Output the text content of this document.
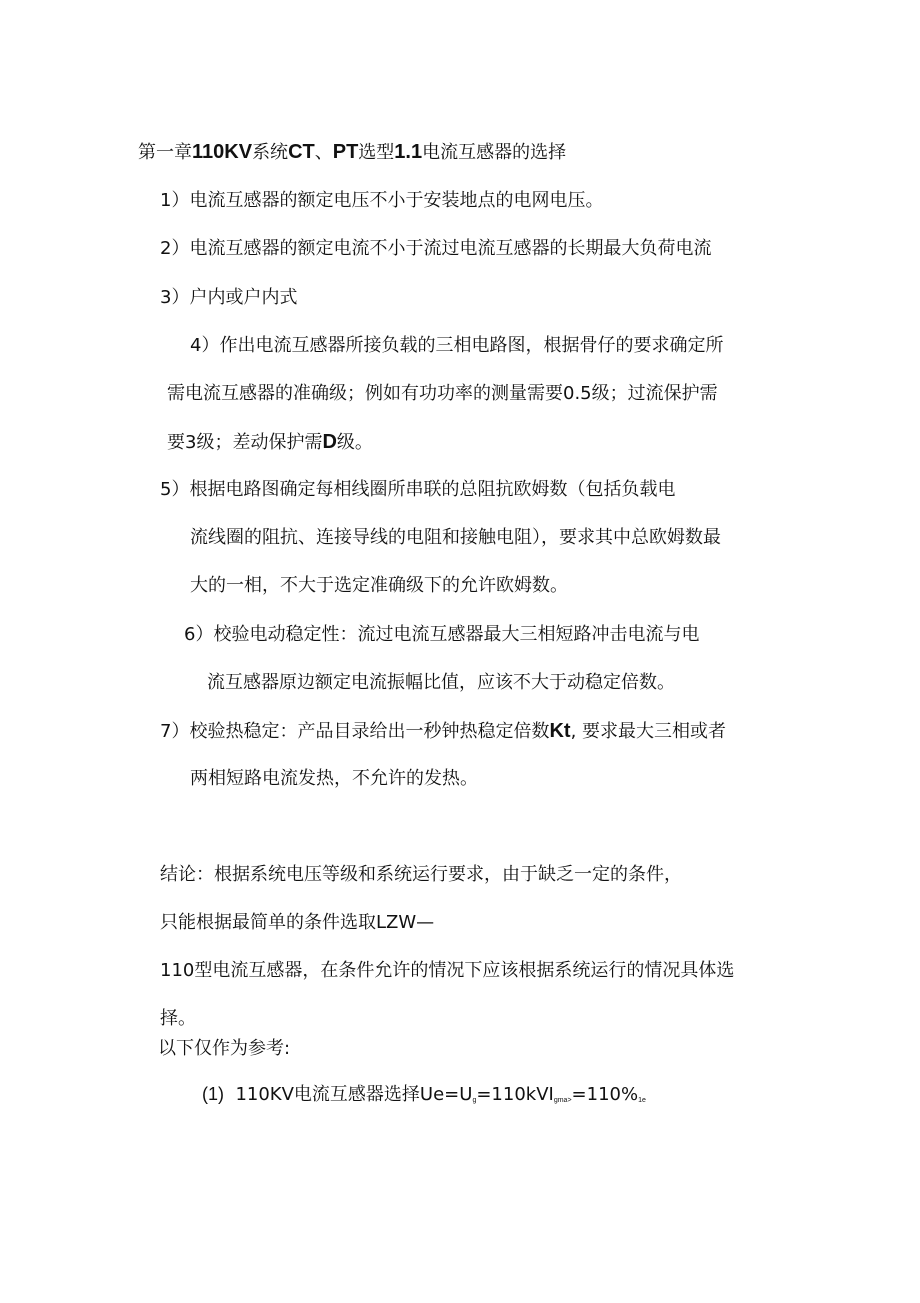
第一章110KV系统CT、PT选型1.1电流互感器的选择
1）电流互感器的额定电压不小于安装地点的电网电压。
2）电流互感器的额定电流不小于流过电流互感器的长期最大负荷电流
3）户内或户内式
4）作出电流互感器所接负载的三相电路图，根据骨仔的要求确定所
需电流互感器的准确级；例如有功功率的测量需要0.5级；过流保护需
要3级；差动保护需D级。
5）根据电路图确定每相线圈所串联的总阻抗欧姆数（包括负载电
流线圈的阻抗、连接导线的电阻和接触电阻），要求其中总欧姆数最
大的一相，不大于选定准确级下的允许欧姆数。
6）校验电动稳定性：流过电流互感器最大三相短路冲击电流与电
流互感器原边额定电流振幅比值，应该不大于动稳定倍数。
7）校验热稳定：产品目录给出一秒钟热稳定倍数Kt, 要求最大三相或者
两相短路电流发热，不允许的发热。
结论：根据系统电压等级和系统运行要求，由于缺乏一定的条件，
只能根据最简单的条件选取LZW—
110型电流互感器，在条件允许的情况下应该根据系统运行的情况具体选
择。
以下仅作为参考:
(1) 110KV电流互感器选择$Ue=U_g=110kVI_{gma>}=110\%_{1e}$
